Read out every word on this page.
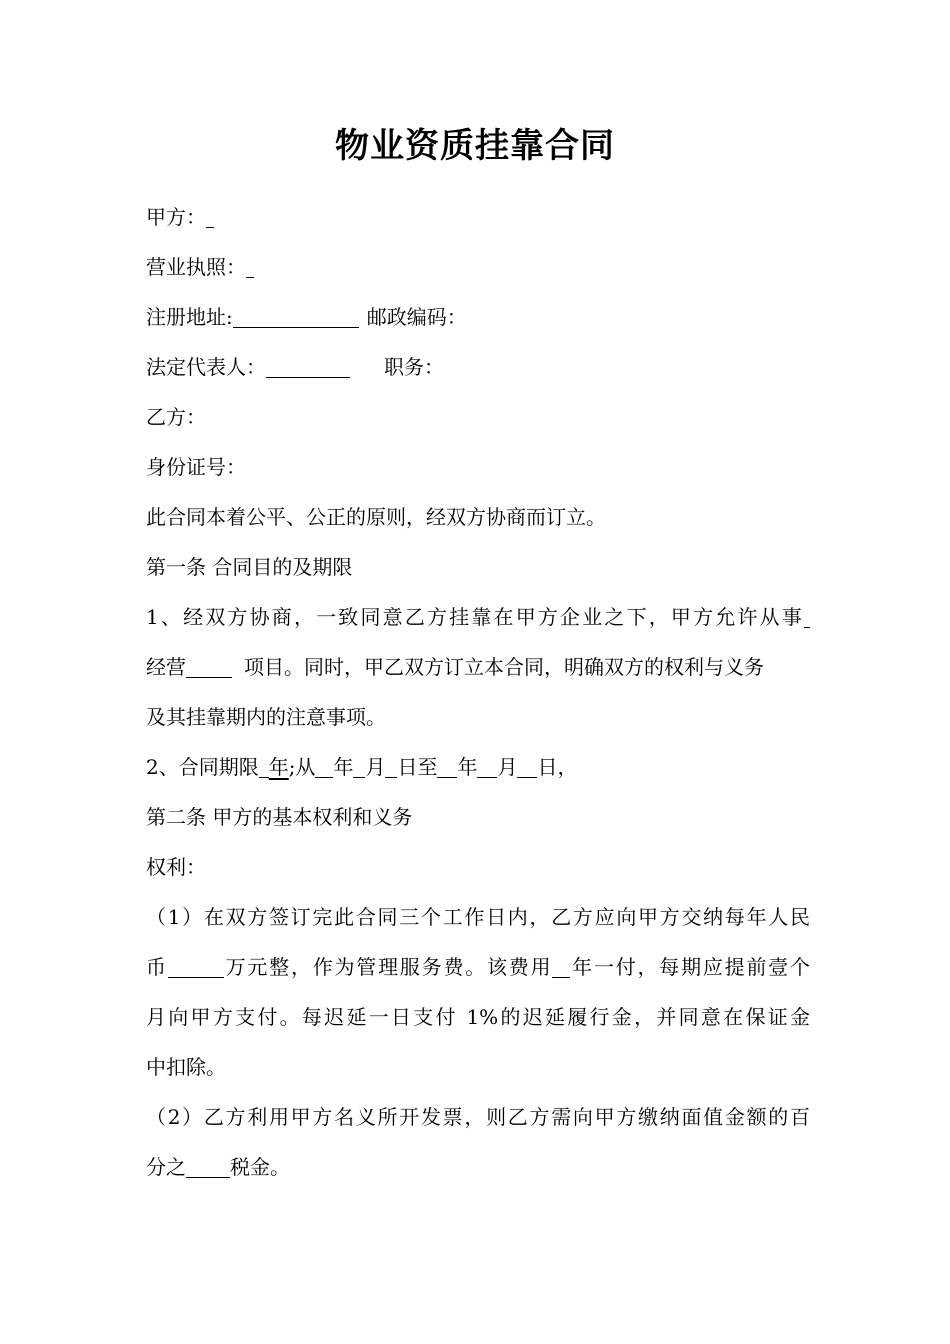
物业资质挂靠合同
甲方：
营业执照：
注册地址:	邮政编码：
法定代表人：	职务：
乙方：
身份证号：
此合同本着公平、公正的原则，经双方协商而订立。
第一条 合同目的及期限
1、经双方协商，一致同意乙方挂靠在甲方企业之下，甲方允许从事
经营	项目。同时，甲乙双方订立本合同，明确双方的权利与义务
及其挂靠期内的注意事项。
2、合同期限 年;从 年 月 日至 年 月 日，
第二条 甲方的基本权利和义务
权利：
（1）在双方签订完此合同三个工作日内，乙方应向甲方交纳每年人民
币	万元整，作为管理服务费。该费用 年一付，每期应提前壹个
月向甲方支付。每迟延一日支付 1%的迟延履行金，并同意在保证金
中扣除。
（2）乙方利用甲方名义所开发票，则乙方需向甲方缴纳面值金额的百
分之 税金。
